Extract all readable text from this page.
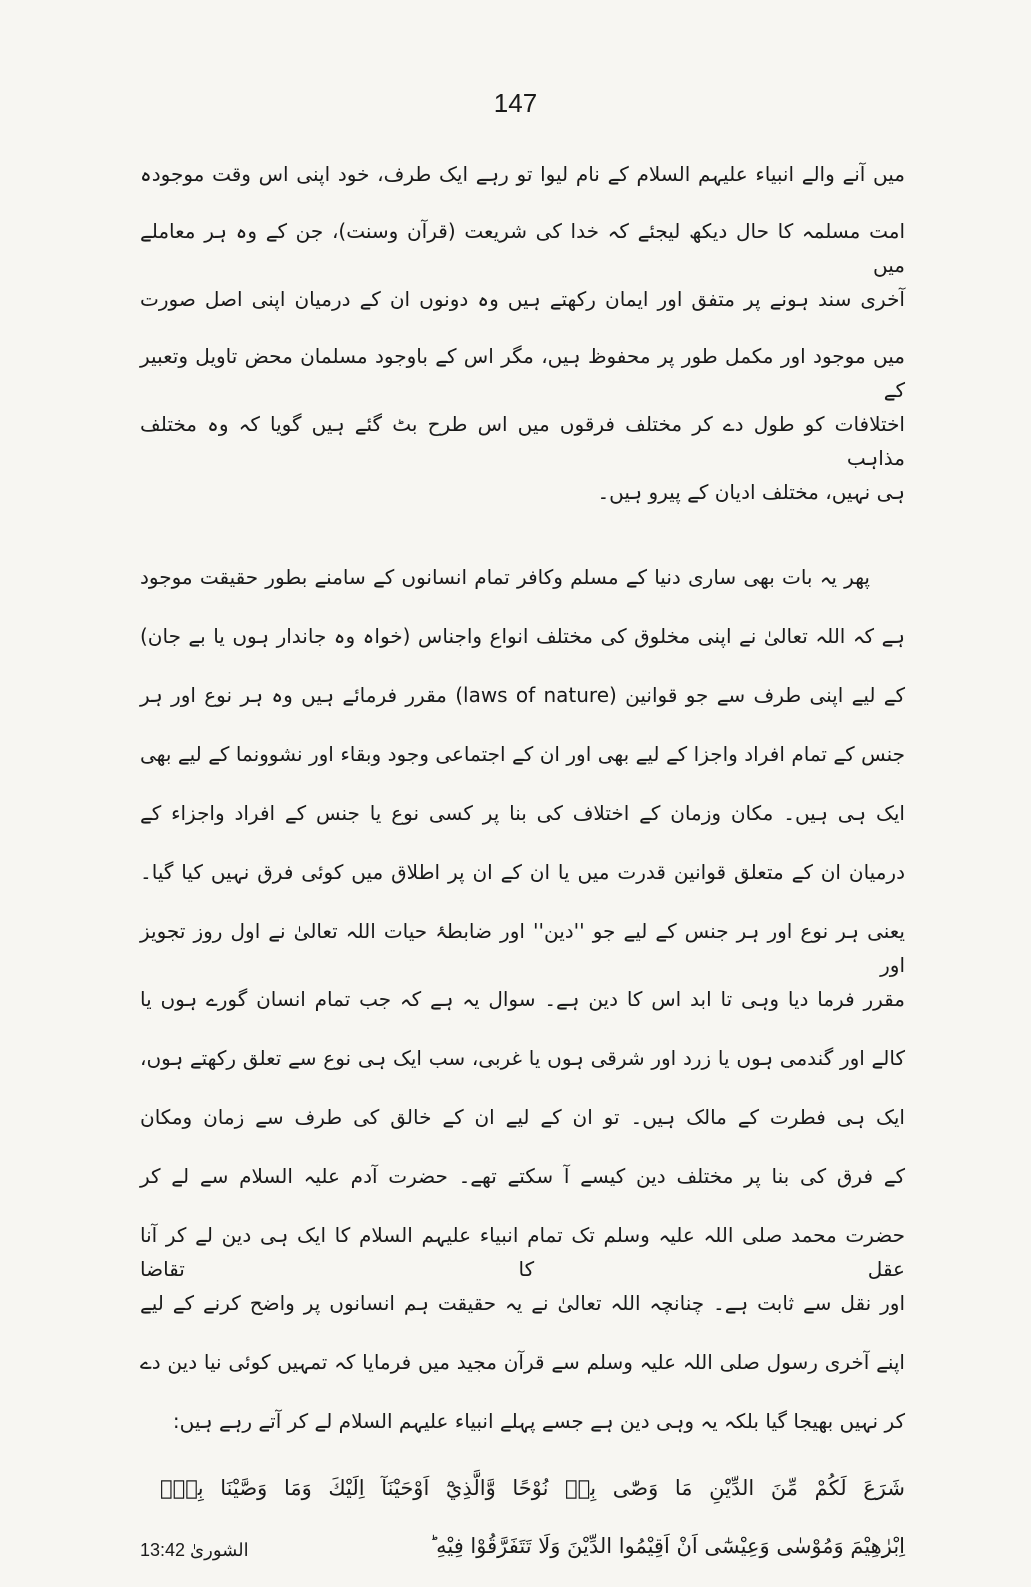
147
میں آنے والے انبیاء علیہم السلام کے نام لیوا تو رہے ایک طرف، خود اپنی اس وقت موجودہ
امت مسلمہ کا حال دیکھ لیجئے کہ خدا کی شریعت (قرآن وسنت)، جن کے وہ ہر معاملے میں
آخری سند ہونے پر متفق اور ایمان رکھتے ہیں وہ دونوں ان کے درمیان اپنی اصل صورت
میں موجود اور مکمل طور پر محفوظ ہیں، مگر اس کے باوجود مسلمان محض تاویل وتعبیر کے
اختلافات کو طول دے کر مختلف فرقوں میں اس طرح بٹ گئے ہیں گویا کہ وہ مختلف مذاہب
ہی نہیں، مختلف ادیان کے پیرو ہیں۔
پھر یہ بات بھی ساری دنیا کے مسلم وکافر تمام انسانوں کے سامنے بطور حقیقت موجود
ہے کہ اللہ تعالیٰ نے اپنی مخلوق کی مختلف انواع واجناس (خواہ وہ جاندار ہوں یا بے جان)
کے لیے اپنی طرف سے جو قوانین (laws of nature) مقرر فرمائے ہیں وہ ہر نوع اور ہر
جنس کے تمام افراد واجزا کے لیے بھی اور ان کے اجتماعی وجود وبقاء اور نشوونما کے لیے بھی
ایک ہی ہیں۔ مکان وزمان کے اختلاف کی بنا پر کسی نوع یا جنس کے افراد واجزاء کے
درمیان ان کے متعلق قوانین قدرت میں یا ان کے ان پر اطلاق میں کوئی فرق نہیں کیا گیا۔
یعنی ہر نوع اور ہر جنس کے لیے جو ''دین'' اور ضابطۂ حیات اللہ تعالیٰ نے اول روز تجویز اور
مقرر فرما دیا وہی تا ابد اس کا دین ہے۔ سوال یہ ہے کہ جب تمام انسان گورے ہوں یا
کالے اور گندمی ہوں یا زرد اور شرقی ہوں یا غربی، سب ایک ہی نوع سے تعلق رکھتے ہوں،
ایک ہی فطرت کے مالک ہیں۔ تو ان کے لیے ان کے خالق کی طرف سے زمان ومکان
کے فرق کی بنا پر مختلف دین کیسے آ سکتے تھے۔ حضرت آدم علیہ السلام سے لے کر
حضرت محمد صلی اللہ علیہ وسلم تک تمام انبیاء علیہم السلام کا ایک ہی دین لے کر آنا عقل کا تقاضا
اور نقل سے ثابت ہے۔ چنانچہ اللہ تعالیٰ نے یہ حقیقت ہم انسانوں پر واضح کرنے کے لیے
اپنے آخری رسول صلی اللہ علیہ وسلم سے قرآن مجید میں فرمایا کہ تمہیں کوئی نیا دین دے
کر نہیں بھیجا گیا بلکہ یہ وہی دین ہے جسے پہلے انبیاء علیہم السلام لے کر آتے رہے ہیں:
شَرَعَ لَكُمْ مِّنَ الدِّيْنِ مَا وَصّٰى بِهٖ نُوْحًا وَّالَّذِيْٓ اَوْحَيْنَآ اِلَيْكَ وَمَا وَصَّيْنَا بِهٖٓ
اِبْرٰهِيْمَ وَمُوْسٰى وَعِيْسٰٓى اَنْ اَقِيْمُوا الدِّيْنَ وَلَا تَتَفَرَّقُوْا فِيْهِ ؕ
الشوریٰ 13:42
